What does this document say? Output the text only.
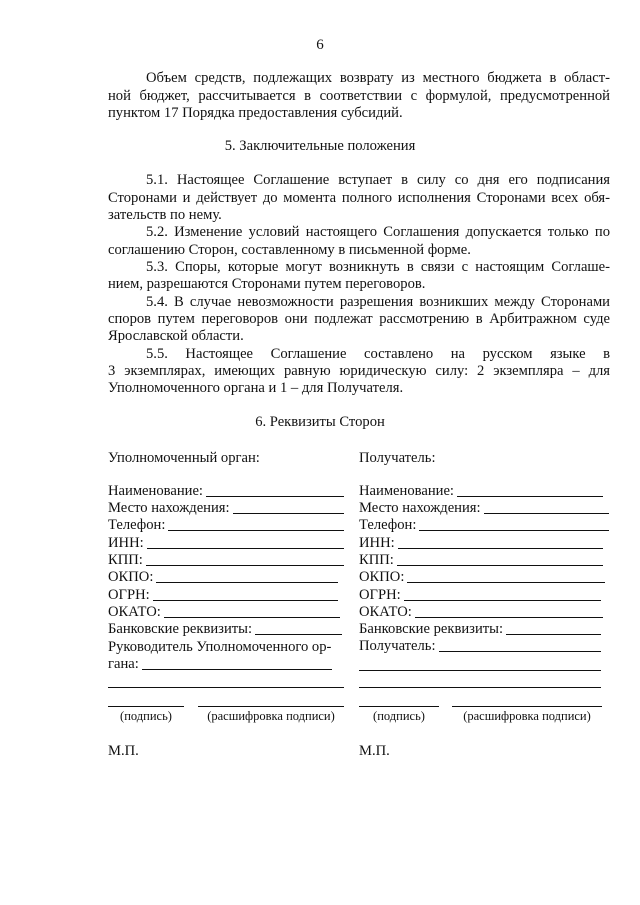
6
Объем средств, подлежащих возврату из местного бюджета в област-
ной бюджет, рассчитывается в соответствии с формулой, предусмотренной
пунктом 17 Порядка предоставления субсидий.
5. Заключительные положения
5.1. Настоящее Соглашение вступает в силу со дня его подписания
Сторонами и действует до момента полного исполнения Сторонами всех обя-
зательств по нему.
5.2. Изменение условий настоящего Соглашения допускается только по
соглашению Сторон, составленному в письменной форме.
5.3. Споры, которые могут возникнуть в связи с настоящим Соглаше-
нием, разрешаются Сторонами путем переговоров.
5.4. В случае невозможности разрешения возникших между Сторонами
споров путем переговоров они подлежат рассмотрению в Арбитражном суде
Ярославской области.
5.5. Настоящее Соглашение составлено на русском языке в
3 экземплярах, имеющих равную юридическую силу: 2 экземпляра – для
Уполномоченного органа и 1 – для Получателя.
6. Реквизиты Сторон
Уполномоченный орган:
Наименование:
Место нахождения:
Телефон:
ИНН:
КПП:
ОКПО:
ОГРН:
ОКАТО:
Банковские реквизиты:
Руководитель Уполномоченного ор-
гана:
(подпись)	(расшифровка подписи)
М.П.
Получатель:
Наименование:
Место нахождения:
Телефон:
ИНН:
КПП:
ОКПО:
ОГРН:
ОКАТО:
Банковские реквизиты:
Получатель:
(подпись)	(расшифровка подписи)
М.П.
